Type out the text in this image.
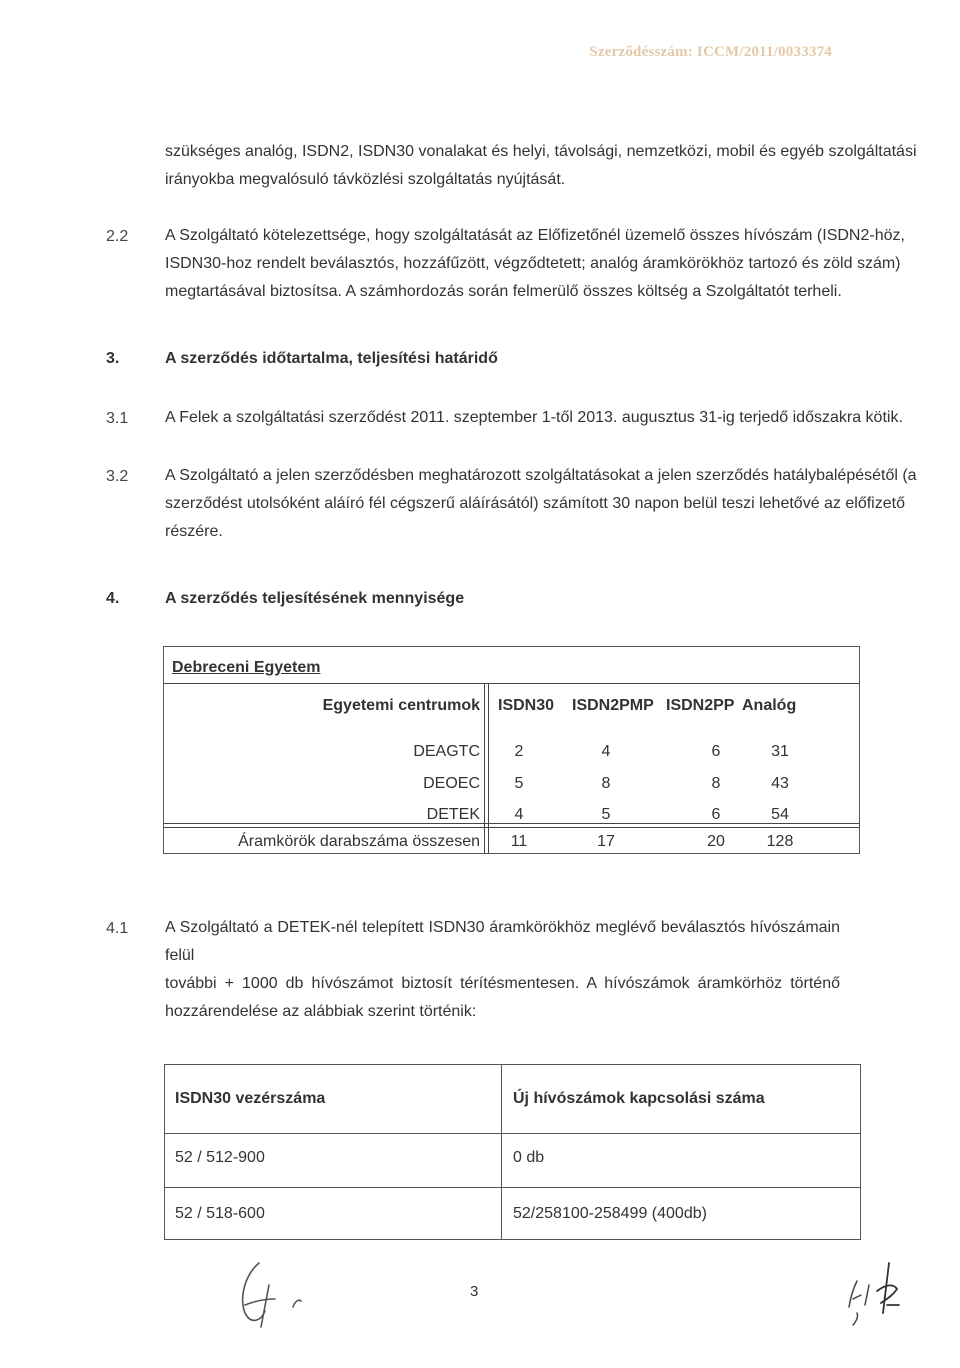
Szerződésszám: ICCM/2011/0033374

szükséges analóg, ISDN2, ISDN30 vonalakat és helyi, távolsági, nemzetközi, mobil és egyéb szolgáltatási

irányokba megvalósuló távközlési szolgáltatás nyújtását.

2.2 A Szolgáltató kötelezettsége, hogy szolgáltatását az Előfizetőnél üzemelő összes hívószám (ISDN2-höz,

ISDN30-hoz rendelt beválasztós, hozzáfűzött, végződtetett; analóg áramkörökhöz tartozó és zöld szám)

megtartásával biztosítsa. A számhordozás során felmerülő összes költség a Szolgáltatót terheli.

3.	A szerződés időtartalma, teljesítési határidő
3.1 A Felek a szolgáltatási szerződést 2011. szeptember 1-től 2013. augusztus 31-ig terjedő időszakra kötik.
3.2 A Szolgáltató a jelen szerződésben meghatározott szolgáltatásokat a jelen szerződés hatálybalépésétől (a

szerződést utolsóként aláíró fél cégszerű aláírásától) számított 30 napon belül teszi lehetővé az előfizető

részére.

4.	A szerződés teljesítésének mennyisége
Debreceni Egyetem
Egyetemi centrumok ISDN30 ISDN2PMP ISDN2PP Analóg
DEAGTC	2	4	6	31
DEOEC	5	8	8	43
DETEK	4	5	6	54
Áramkörök darabszáma összesen	11	17	20	128
4.1 A Szolgáltató a DETEK-nél telepített ISDN30 áramkörökhöz meglévő beválasztós hívószámain felül

további + 1000 db hívószámot biztosít térítésmentesen. A hívószámok áramkörhöz történő

hozzárendelése az alábbiak szerint történik:

ISDN30 vezérszáma	Új hívószámok kapcsolási száma
52 / 512-900	0 db
52 / 518-600	52/258100-258499 (400db)
3
